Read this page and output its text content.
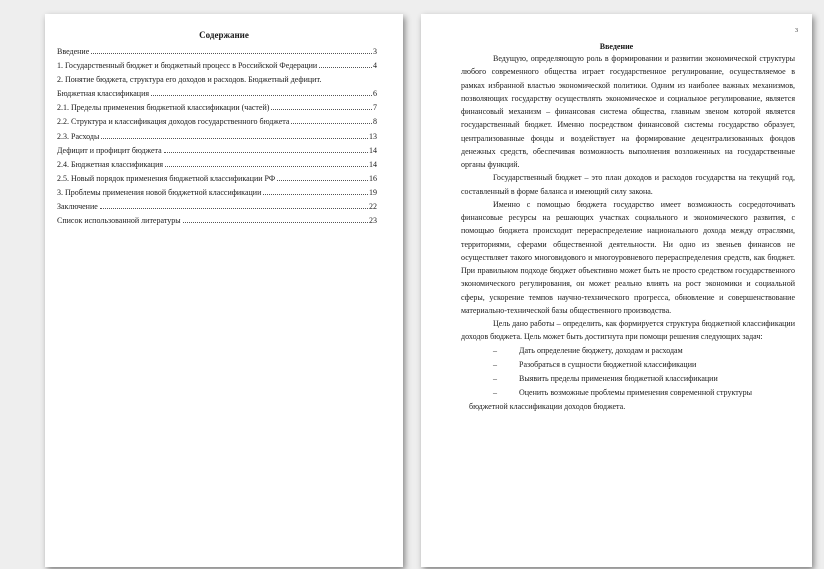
Содержание
Введение	3
1. Государственный бюджет и бюджетный процесс в Российской Федерации	4
2. Понятие бюджета, структура его доходов и расходов. Бюджетный дефицит.
Бюджетная классификация	6
2.1. Пределы применения бюджетной классификации (частей)	7
2.2. Структура и классификация доходов государственного бюджета	8
2.3. Расходы	13
Дефицит и профицит бюджета	14
2.4. Бюджетная классификация	14
2.5. Новый порядок применения бюджетной классификации РФ	16
3. Проблемы применения новой бюджетной классификации	19
Заключение	22
Список использованной литературы	23
3
Введение

Ведущую, определяющую роль в формировании и развитии экономической структуры любого современного общества играет государственное регулирование, осуществляемое в рамках избранной властью экономической политики. Одним из наиболее важных механизмов, позволяющих государству осуществлять экономическое и социальное регулирование, является финансовый механизм – финансовая система общества, главным звеном которой является государственный бюджет. Именно посредством финансовой системы государство образует, централизованные фонды и воздействует на формирование децентрализованных фондов денежных средств, обеспечивая возможность выполнения возложенных на государственные органы функций.

Государственный бюджет – это план доходов и расходов государства на текущий год, составленный в форме баланса и имеющий силу закона.

Именно с помощью бюджета государство имеет возможность сосредоточивать финансовые ресурсы на решающих участках социального и экономического развития, с помощью бюджета происходит перераспределение национального дохода между отраслями, территориями, сферами общественной деятельности. Ни одно из звеньев финансов не осуществляет такого многовидового и многоуровневого перераспределения средств, как бюджет. При правильном подходе бюджет объективно может быть не просто средством государственного экономического регулирования, он может реально влиять на рост экономики и социальной сферы, ускорение темпов научно-технического прогресса, обновление и совершенствование материально-технической базы общественного производства.

Цель дано работы – определить, как формируется структура бюджетной классификации доходов бюджета. Цель может быть достигнута при помощи решения следующих задач:

–	Дать определение бюджету, доходам и расходам
–	Разобраться в сущности бюджетной классификации
–	Выявить пределы применения бюджетной классификации
–	Оценить возможные проблемы применения современной структуры

бюджетной классификации доходов бюджета.
